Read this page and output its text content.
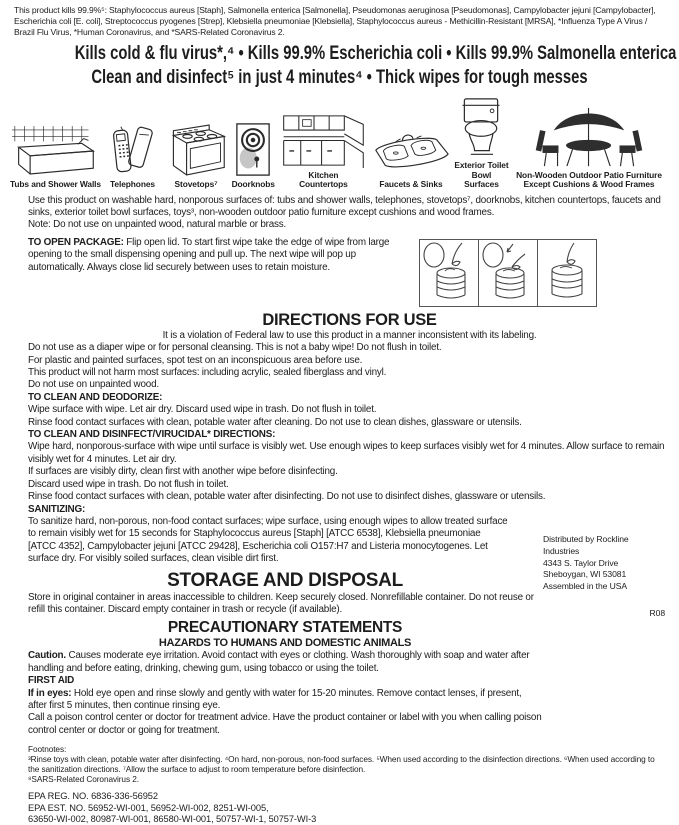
This product kills 99.9%⁵: Staphylococcus aureus [Staph], Salmonella enterica [Salmonella], Pseudomonas aeruginosa [Pseudomonas], Campylobacter jejuni [Campylobacter], Escherichia coli [E. coli], Streptococcus pyogenes [Strep], Klebsiella pneumoniae [Klebsiella], Staphylococcus aureus - Methicillin-Resistant [MRSA], *Influenza Type A Virus / Brazil Flu Virus, *Human Coronavirus, and *SARS-Related Coronavirus 2.

Kills cold & flu virus*,⁴ • Kills 99.9% Escherichia coli • Kills 99.9% Salmonella enterica
Clean and disinfect⁵ in just 4 minutes⁴ • Thick wipes for tough messes
Tubs and Shower Walls Telephones Stovetops⁷ Doorknobs
Kitchen Countertops	Faucets & Sinks
Exterior Toilet Bowl Surfaces
Non-Wooden Outdoor Patio Furniture Except Cushions & Wood Frames

Use this product on washable hard, nonporous surfaces of: tubs and shower walls, telephones, stovetops⁷, doorknobs, kitchen countertops, faucets and sinks, exterior toilet bowl surfaces, toys³, non-wooden outdoor patio furniture except cushions and wood frames.
Note: Do not use on unpainted wood, natural marble or brass.

TO OPEN PACKAGE: Flip open lid. To start first wipe take the edge of wipe from large opening to the small dispensing opening and pull up. The next wipe will pop up automatically. Always close lid securely between uses to retain moisture.

DIRECTIONS FOR USE

It is a violation of Federal law to use this product in a manner inconsistent with its labeling.

Do not use as a diaper wipe or for personal cleansing. This is not a baby wipe! Do not flush in toilet.

For plastic and painted surfaces, spot test on an inconspicuous area before use.

This product will not harm most surfaces: including acrylic, sealed fiberglass and vinyl.

Do not use on unpainted wood.

TO CLEAN AND DEODORIZE:

Wipe surface with wipe. Let air dry. Discard used wipe in trash. Do not flush in toilet.

Rinse food contact surfaces with clean, potable water after cleaning. Do not use to clean dishes, glassware or utensils.

TO CLEAN AND DISINFECT/VIRUCIDAL* DIRECTIONS:

Wipe hard, nonporous-surface with wipe until surface is visibly wet. Use enough wipes to keep surfaces visibly wet for 4 minutes. Allow surface to remain visibly wet for 4 minutes. Let air dry.

If surfaces are visibly dirty, clean first with another wipe before disinfecting.

Discard used wipe in trash. Do not flush in toilet.

Rinse food contact surfaces with clean, potable water after disinfecting. Do not use to disinfect dishes, glassware or utensils.

SANITIZING:

To sanitize hard, non-porous, non-food contact surfaces; wipe surface, using enough wipes to allow treated surface to remain visibly wet for 15 seconds for Staphylococcus aureus [Staph] [ATCC 6538], Klebsiella pneumoniae [ATCC 4352], Campylobacter jejuni [ATCC 29428], Escherichia coli O157:H7 and Listeria monocytogenes. Let surface dry. For visibly soiled surfaces, clean visible dirt first.

Distributed by Rockline Industries
4343 S. Taylor Drive
Sheboygan, WI 53081
Assembled in the USA
R08
STORAGE AND DISPOSAL

Store in original container in areas inaccessible to children. Keep securely closed. Nonrefillable container. Do not reuse or refill this container. Discard empty container in trash or recycle (if available).

PRECAUTIONARY STATEMENTS
HAZARDS TO HUMANS AND DOMESTIC ANIMALS

Caution. Causes moderate eye irritation. Avoid contact with eyes or clothing. Wash thoroughly with soap and water after handling and before eating, drinking, chewing gum, using tobacco or using the toilet.

FIRST AID

If in eyes: Hold eye open and rinse slowly and gently with water for 15-20 minutes. Remove contact lenses, if present, after first 5 minutes, then continue rinsing eye.

Call a poison control center or doctor for treatment advice. Have the product container or label with you when calling poison control center or doctor or going for treatment.

Footnotes:

³Rinse toys with clean, potable water after disinfecting. ⁴On hard, non-porous, non-food surfaces. ⁵When used according to the disinfection directions. ⁶When used according to the sanitization directions. ⁷Allow the surface to adjust to room temperature before disinfection.

⁸SARS-Related Coronavirus 2.

EPA REG. NO. 6836-336-56952
EPA EST. NO. 56952-WI-001, 56952-WI-002, 8251-WI-005,
63650-WI-002, 80987-WI-001, 86580-WI-001, 50757-WI-1, 50757-WI-3
